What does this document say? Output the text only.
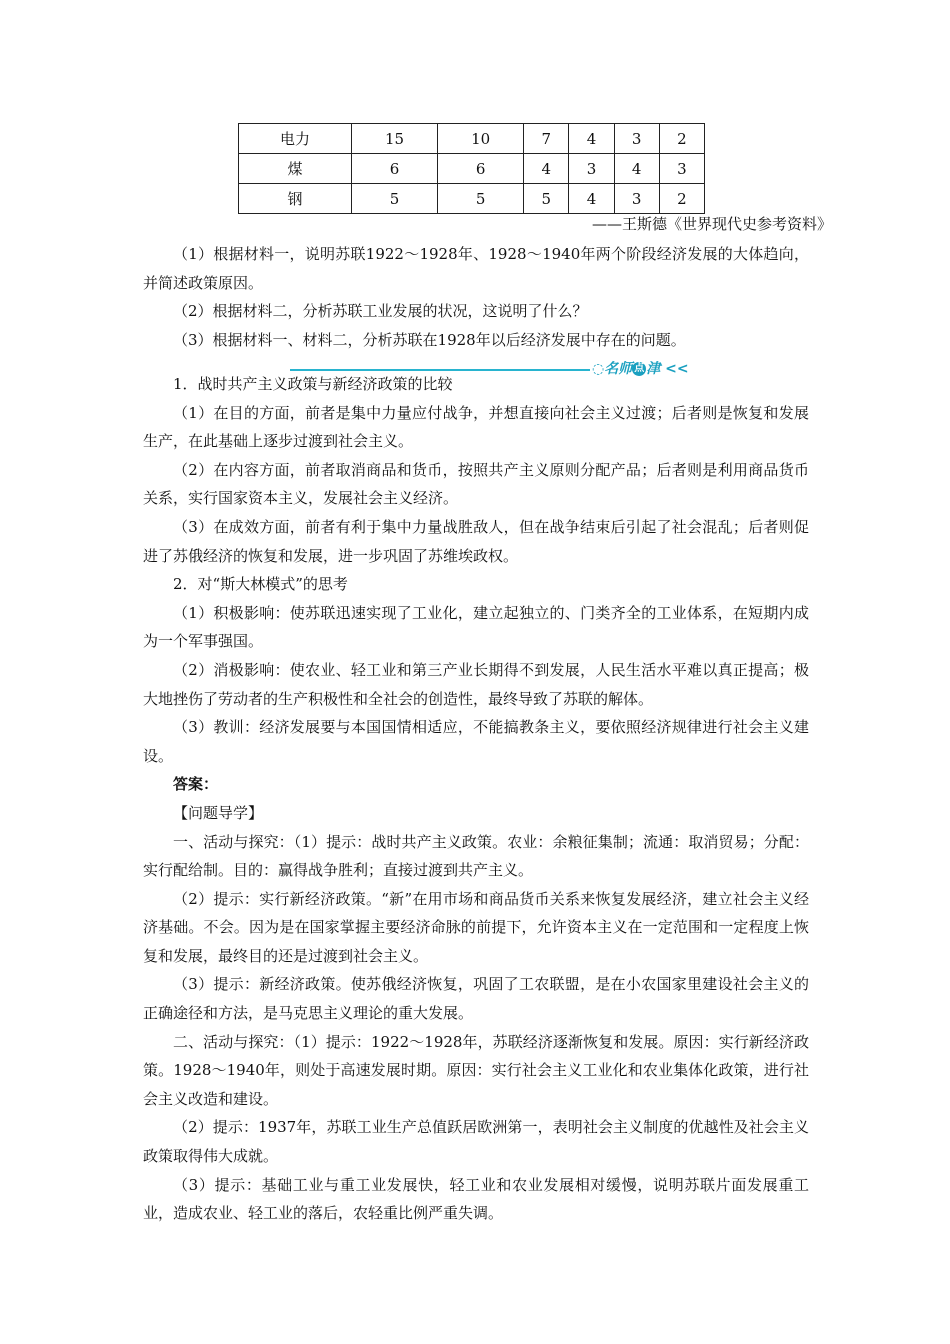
电力	15	10	7	4	3	2
煤	6	6	4	3	4	3
钢	5	5	5	4	3	2
——王斯德《世界现代史参考资料》

（1）根据材料一，说明苏联1922～1928年、1928～1940年两个阶段经济发展的大体趋向，并简述政策原因。

（2）根据材料二，分析苏联工业发展的状况，这说明了什么？

（3）根据材料一、材料二，分析苏联在1928年以后经济发展中存在的问题。

◌名师 点 津 <<

1．战时共产主义政策与新经济政策的比较

（1）在目的方面，前者是集中力量应付战争，并想直接向社会主义过渡；后者则是恢复和发展生产，在此基础上逐步过渡到社会主义。

（2）在内容方面，前者取消商品和货币，按照共产主义原则分配产品；后者则是利用商品货币关系，实行国家资本主义，发展社会主义经济。

（3）在成效方面，前者有利于集中力量战胜敌人，但在战争结束后引起了社会混乱；后者则促进了苏俄经济的恢复和发展，进一步巩固了苏维埃政权。

2．对“斯大林模式”的思考

（1）积极影响：使苏联迅速实现了工业化，建立起独立的、门类齐全的工业体系，在短期内成为一个军事强国。

（2）消极影响：使农业、轻工业和第三产业长期得不到发展，人民生活水平难以真正提高；极大地挫伤了劳动者的生产积极性和全社会的创造性，最终导致了苏联的解体。

（3）教训：经济发展要与本国国情相适应，不能搞教条主义，要依照经济规律进行社会主义建设。

答案：

【问题导学】

一、活动与探究：（1）提示：战时共产主义政策。农业：余粮征集制；流通：取消贸易；分配：实行配给制。目的：赢得战争胜利；直接过渡到共产主义。

（2）提示：实行新经济政策。“新”在用市场和商品货币关系来恢复发展经济，建立社会主义经济基础。不会。因为是在国家掌握主要经济命脉的前提下，允许资本主义在一定范围和一定程度上恢复和发展，最终目的还是过渡到社会主义。

（3）提示：新经济政策。使苏俄经济恢复，巩固了工农联盟，是在小农国家里建设社会主义的正确途径和方法，是马克思主义理论的重大发展。

二、活动与探究：（1）提示：1922～1928年，苏联经济逐渐恢复和发展。原因：实行新经济政策。1928～1940年，则处于高速发展时期。原因：实行社会主义工业化和农业集体化政策，进行社会主义改造和建设。

（2）提示：1937年，苏联工业生产总值跃居欧洲第一，表明社会主义制度的优越性及社会主义政策取得伟大成就。

（3）提示：基础工业与重工业发展快，轻工业和农业发展相对缓慢，说明苏联片面发展重工业，造成农业、轻工业的落后，农轻重比例严重失调。
